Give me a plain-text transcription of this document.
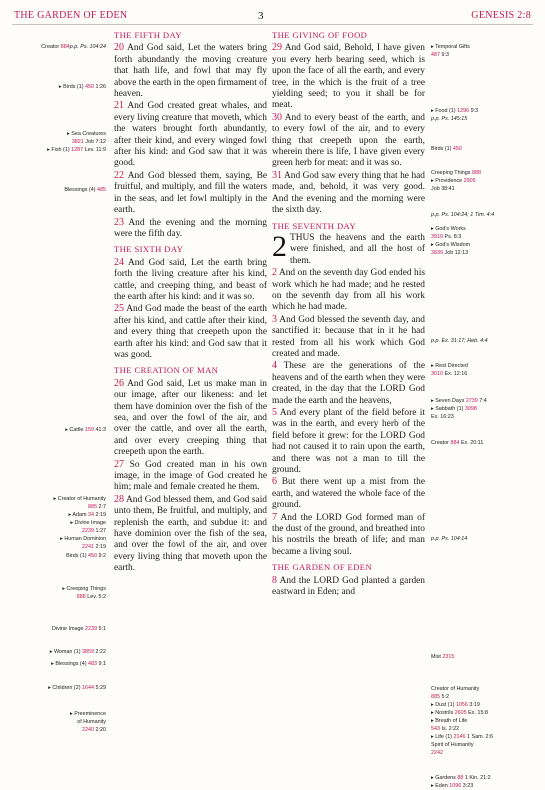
THE GARDEN OF EDEN	3	GENESIS 2:8
Creator 884p.p. Ps. 104:24
▸ Birds (1) 450 1:26
▸ Sea Creatures
3821 Job 7:12
▸ Fish (1) 1287 Lev. 11:9
Blessings (4) 485
▸ Cattle 159 41:3
▸ Creator of Humanity
885 2:7
▸ Adam 34 2:19
▸ Divine Image
2239 1:27
▸ Human Dominion
2241 2:19
Birds (1) 450 9:2
▸ Creeping Things
888 Lev. 5:2
Divine Image 2239 5:1
▸ Woman (1) 3859 2:22
▸ Blessings (4) 483 9:1
▸ Children (2) 1644 5:29
▸ Preeminence
of Humanity
2240 2:20
THE FIFTH DAY

20 And God said, Let the waters bring forth abundantly the moving creature that hath life, and fowl that may fly above the earth in the open firmament of heaven.

21 And God created great whales, and every living creature that moveth, which the waters brought forth abundantly, after their kind, and every winged fowl after his kind: and God saw that it was good.

22 And God blessed them, saying, Be fruitful, and multiply, and fill the waters in the seas, and let fowl multiply in the earth.

23 And the evening and the morning were the fifth day.

THE SIXTH DAY

24 And God said, Let the earth bring forth the living creature after his kind, cattle, and creeping thing, and beast of the earth after his kind: and it was so.

25 And God made the beast of the earth after his kind, and cattle after their kind, and every thing that creepeth upon the earth after his kind: and God saw that it was good.

THE CREATION OF MAN

26 And God said, Let us make man in our image, after our likeness: and let them have dominion over the fish of the sea, and over the fowl of the air, and over the cattle, and over all the earth, and over every creeping thing that creepeth upon the earth.

27 So God created man in his own image, in the image of God created he him; male and female created he them.

28 And God blessed them, and God said unto them, Be fruitful, and multiply, and replenish the earth, and subdue it: and have dominion over the fish of the sea, and over the fowl of the air, and over every living thing that moveth upon the earth.

THE GIVING OF FOOD

29 And God said, Behold, I have given you every herb bearing seed, which is upon the face of all the earth, and every tree, in the which is the fruit of a tree yielding seed; to you it shall be for meat.

30 And to every beast of the earth, and to every fowl of the air, and to every thing that creepeth upon the earth, wherein there is life, I have given every green herb for meat: and it was so.

31 And God saw every thing that he had made, and, behold, it was very good. And the evening and the morning were the sixth day.

THE SEVENTH DAY

2 THUS the heavens and the earth were finished, and all the host of them.

2 And on the seventh day God ended his work which he had made; and he rested on the seventh day from all his work which he had made.

3 And God blessed the seventh day, and sanctified it: because that in it he had rested from all his work which God created and made.

4 These are the generations of the heavens and of the earth when they were created, in the day that the LORD God made the earth and the heavens,

5 And every plant of the field before it was in the earth, and every herb of the field before it grew: for the LORD God had not caused it to rain upon the earth, and there was not a man to till the ground.

6 But there went up a mist from the earth, and watered the whole face of the ground.

7 And the LORD God formed man of the dust of the ground, and breathed into his nostrils the breath of life; and man became a living soul.

THE GARDEN OF EDEN

8 And the LORD God planted a garden eastward in Eden; and

▸ Temporal Gifts
487 9:3
▸ Food (1) 1296 9:3
p.p. Ps. 145:15
Birds (1) 450
Creeping Things 888
▸ Providence 2905
Job 38:41
p.p. Ps. 104:24; 1 Tim. 4:4
▸ God's Works
3910 Ps. 8:3
▸ God's Wisdom
3839 Job 12:13
p.p. Ex. 31:17; Heb. 4:4
▸ Rest Directed
3010 Ex. 12:16
▸ Seven Days 2739 7:4
▸ Sabbath (1) 3098
Ex. 16:23
Creator 884 Ex. 20:11
p.p. Ps. 104:14
Mist 2315
Creator of Humanity
885 5:2
▸ Dust (1) 1056 3:19
▸ Nostrils 2605 Ex. 15:8
▸ Breath of Life
543 Is. 2:22
▸ Life (1) 2146 1 Sam. 2:6
Spirit of Humanity
2242
▸ Gardens 88 1 Kin. 21:2
▸ Eden 1096 3:23
